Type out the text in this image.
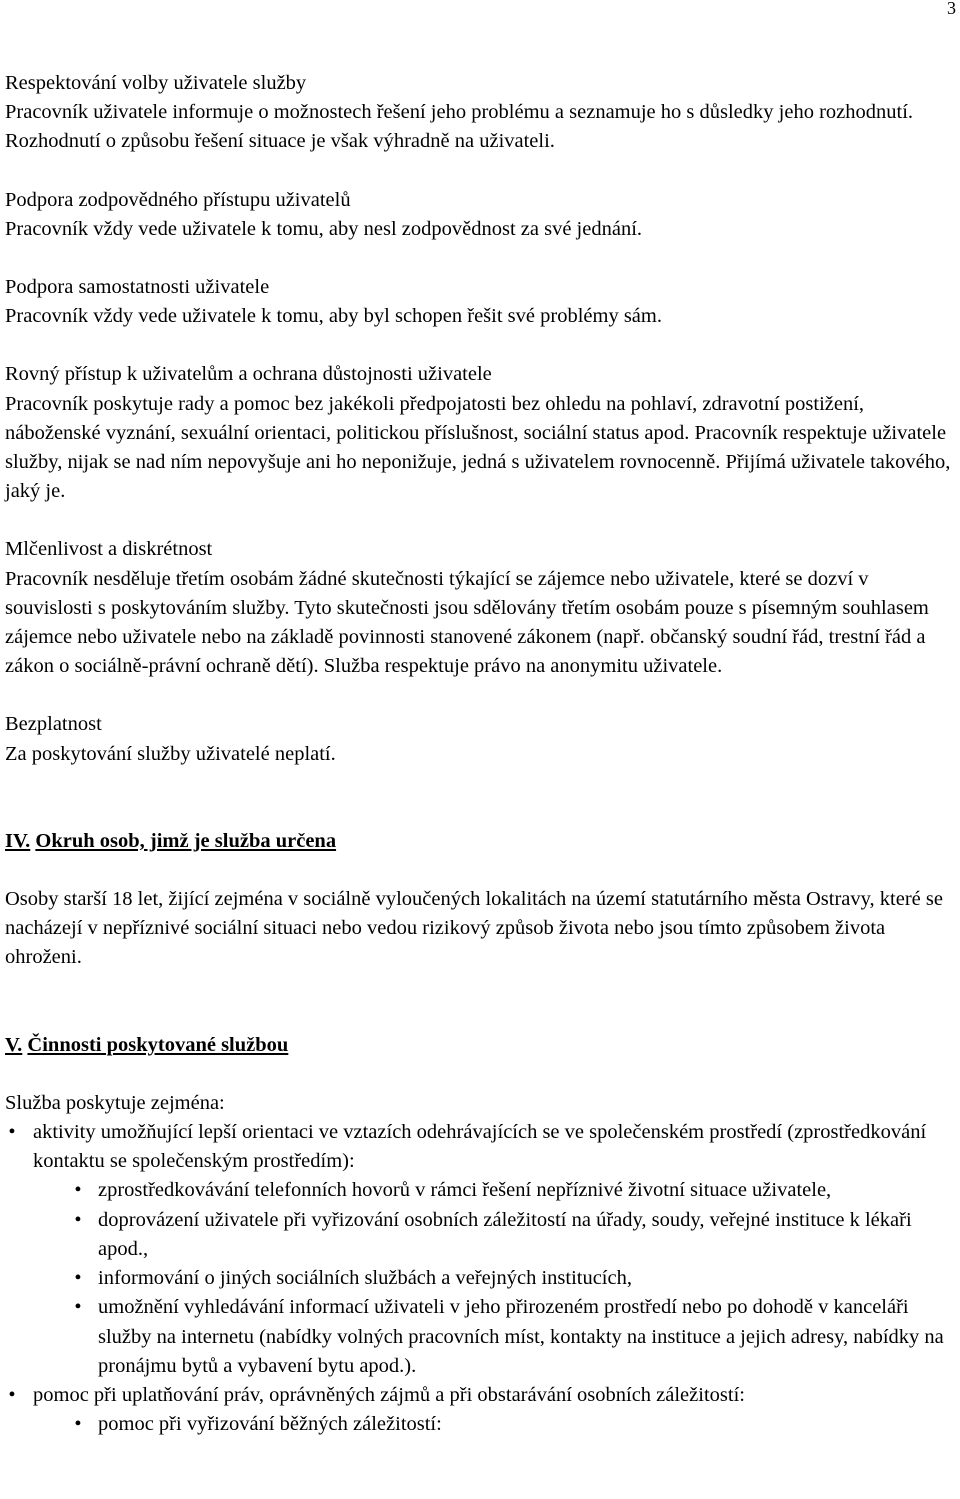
3
Respektování volby uživatele služby
Pracovník uživatele informuje o možnostech řešení jeho problému a seznamuje ho s důsledky jeho rozhodnutí. Rozhodnutí o způsobu řešení situace je však výhradně na uživateli.
Podpora zodpovědného přístupu uživatelů
Pracovník vždy vede uživatele k tomu, aby nesl zodpovědnost za své jednání.
Podpora samostatnosti uživatele
Pracovník vždy vede uživatele k tomu, aby byl schopen řešit své problémy sám.
Rovný přístup k uživatelům a ochrana důstojnosti uživatele
Pracovník poskytuje rady a pomoc bez jakékoli předpojatosti bez ohledu na pohlaví, zdravotní postižení, náboženské vyznání, sexuální orientaci, politickou příslušnost, sociální status apod. Pracovník respektuje uživatele služby, nijak se nad ním nepovyšuje ani ho neponižuje, jedná s uživatelem rovnocenně. Přijímá uživatele takového, jaký je.
Mlčenlivost a diskrétnost
Pracovník nesděluje třetím osobám žádné skutečnosti týkající se zájemce nebo uživatele, které se dozví v souvislosti s poskytováním služby. Tyto skutečnosti jsou sdělovány třetím osobám pouze s písemným souhlasem zájemce nebo uživatele nebo na základě povinnosti stanovené zákonem (např. občanský soudní řád, trestní řád a zákon o sociálně-právní ochraně dětí). Služba respektuje právo na anonymitu uživatele.
Bezplatnost
Za poskytování služby uživatelé neplatí.

IV. Okruh osob, jimž je služba určena

Osoby starší 18 let, žijící zejména v sociálně vyloučených lokalitách na území statutárního města Ostravy, které se nacházejí v nepříznivé sociální situaci nebo vedou rizikový způsob života nebo jsou tímto způsobem života ohroženi.

V. Činnosti poskytované službou

Služba poskytuje zejména:

• aktivity umožňující lepší orientaci ve vztazích odehrávajících se ve společenském prostředí (zprostředkování kontaktu se společenským prostředím):
• zprostředkovávání telefonních hovorů v rámci řešení nepříznivé životní situace uživatele,
• doprovázení uživatele při vyřizování osobních záležitostí na úřady, soudy, veřejné instituce k lékaři apod.,
• informování o jiných sociálních službách a veřejných institucích,
• umožnění vyhledávání informací uživateli v jeho přirozeném prostředí nebo po dohodě v kanceláři služby na internetu (nabídky volných pracovních míst, kontakty na instituce a jejich adresy, nabídky na pronájmu bytů a vybavení bytu apod.).
• pomoc při uplatňování práv, oprávněných zájmů a při obstarávání osobních záležitostí:
• pomoc při vyřizování běžných záležitostí:
